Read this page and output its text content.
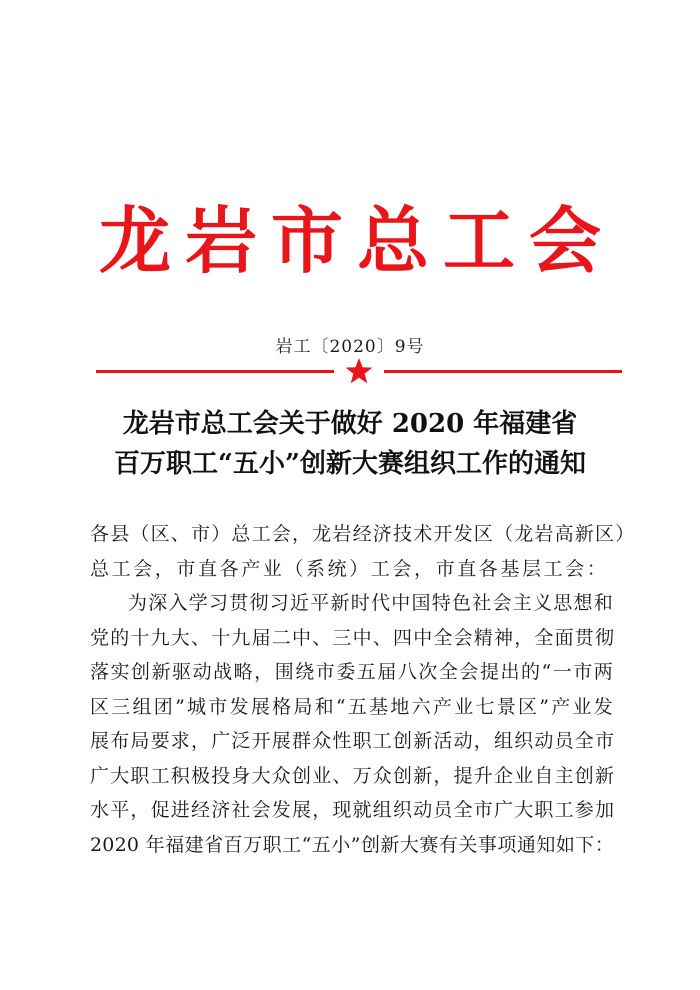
龙岩市总工会
岩工〔2020〕9号
龙岩市总工会关于做好 2020 年福建省
百万职工“五小”创新大赛组织工作的通知

各县（区、市）总工会，龙岩经济技术开发区（龙岩高新区）
总工会，市直各产业（系统）工会，市直各基层工会：

为深入学习贯彻习近平新时代中国特色社会主义思想和
党的十九大、十九届二中、三中、四中全会精神，全面贯彻
落实创新驱动战略，围绕市委五届八次全会提出的“一市两
区三组团”城市发展格局和“五基地六产业七景区”产业发
展布局要求，广泛开展群众性职工创新活动，组织动员全市
广大职工积极投身大众创业、万众创新，提升企业自主创新
水平，促进经济社会发展，现就组织动员全市广大职工参加
2020 年福建省百万职工“五小”创新大赛有关事项通知如下：
